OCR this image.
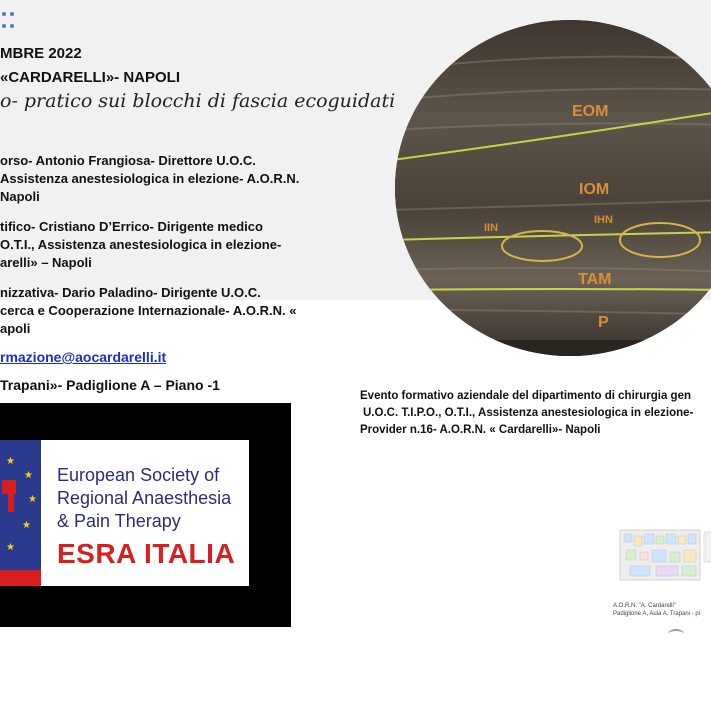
MBRE 2022
«CARDARELLI»- NAPOLI
o- pratico sui blocchi di fascia ecoguidati
orso- Antonio Frangiosa- Direttore U.O.C.
Assistenza anestesiologica in elezione- A.O.R.N.
Napoli
tifico- Cristiano D’Errico- Dirigente medico
O.T.I., Assistenza anestesiologica in elezione-
arelli» – Napoli
nizzativa- Dario Paladino- Dirigente U.O.C.
cerca e Cooperazione Internazionale- A.O.R.N. «
apoli
rmazione@aocardarelli.it
Trapani»- Padiglione A – Piano -1
★
★
★
★
★
European Society of
Regional Anaesthesia
& Pain Therapy
ESRA ITALIA
EOM
IOM
IIN
IHN
TAM
P
Evento formativo aziendale del dipartimento di chirurgia gen
U.O.C. T.I.P.O., O.T.I., Assistenza anestesiologica in elezione-
Provider n.16- A.O.R.N. « Cardarelli»- Napoli
A.O.R.N. "A. Cardarelli"
Padiglione A, Aula A. Trapani - pi
